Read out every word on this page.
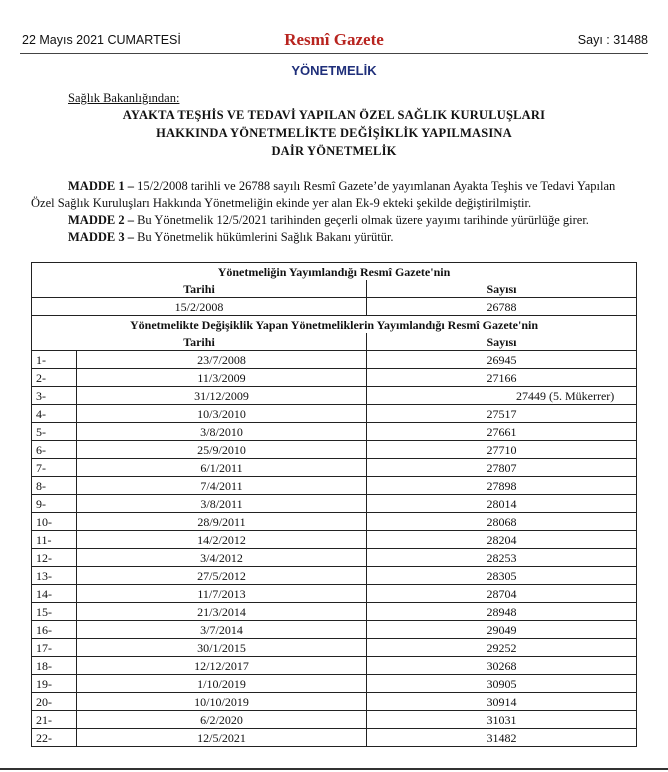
22 Mayıs 2021 CUMARTESİ	Resmî Gazete	Sayı : 31488
YÖNETMELİK
Sağlık Bakanlığından:
AYAKTA TEŞHİS VE TEDAVİ YAPILAN ÖZEL SAĞLIK KURULUŞLARI
HAKKINDA YÖNETMELİKTE DEĞİŞİKLİK YAPILMASINA
DAİR YÖNETMELİK
MADDE 1 – 15/2/2008 tarihli ve 26788 sayılı Resmî Gazete’de yayımlanan Ayakta Teşhis ve Tedavi Yapılan
Özel Sağlık Kuruluşları Hakkında Yönetmeliğin ekinde yer alan Ek-9 ekteki şekilde değiştirilmiştir.
MADDE 2 – Bu Yönetmelik 12/5/2021 tarihinden geçerli olmak üzere yayımı tarihinde yürürlüğe girer.
MADDE 3 – Bu Yönetmelik hükümlerini Sağlık Bakanı yürütür.
Yönetmeliğin Yayımlandığı Resmî Gazete'nin		
Tarihi		Sayısı
15/2/2008		26788
Yönetmelikte Değişiklik Yapan Yönetmeliklerin Yayımlandığı Resmî Gazete'nin		
Tarihi		Sayısı
1-	23/7/2008	26945
2-	11/3/2009	27166
3-	31/12/2009	27449 (5. Mükerrer)
4-	10/3/2010	27517
5-	3/8/2010	27661
6-	25/9/2010	27710
7-	6/1/2011	27807
8-	7/4/2011	27898
9-	3/8/2011	28014
10-	28/9/2011	28068
11-	14/2/2012	28204
12-	3/4/2012	28253
13-	27/5/2012	28305
14-	11/7/2013	28704
15-	21/3/2014	28948
16-	3/7/2014	29049
17-	30/1/2015	29252
18-	12/12/2017	30268
19-	1/10/2019	30905
20-	10/10/2019	30914
21-	6/2/2020	31031
22-	12/5/2021	31482
